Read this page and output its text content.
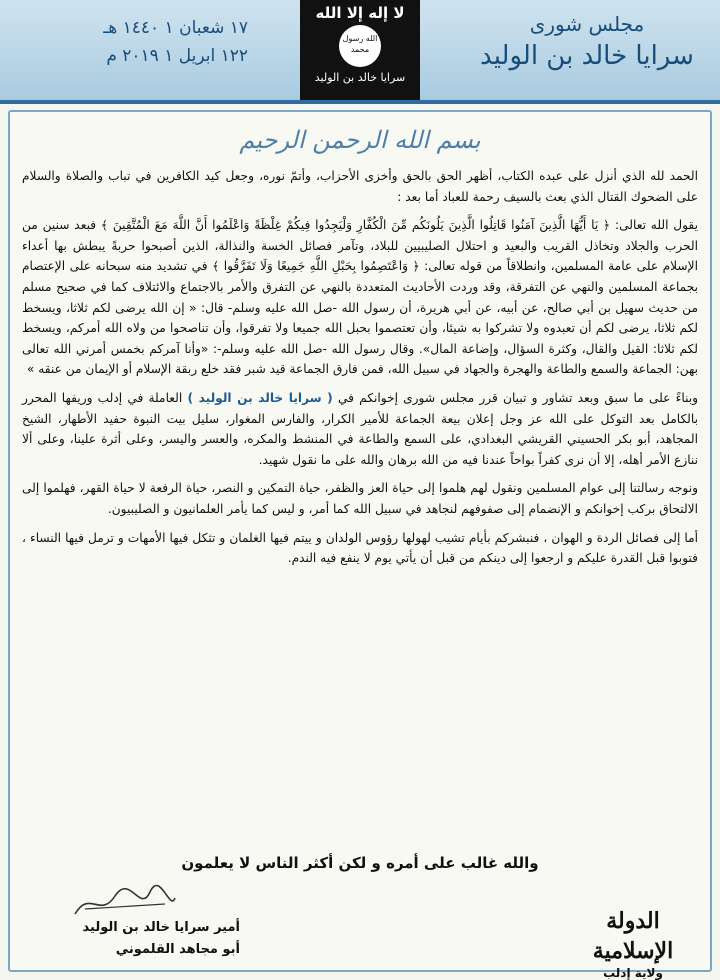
مجلس شورى
سرايا خالد بن الوليد
لا إله إلا الله
الله رسول محمد
سرايا خالد بن الوليد
١٧ شعبان ١ ١٤٤٠ هـ
١٢٢ ابريل ١ ٢٠١٩ م
بسم الله الرحمن الرحيم

الحمد لله الذي أنزل على عبده الكتاب، أظهر الحق بالحق وأخزى الأحزاب، وأتمّ نوره، وجعل كيد الكافرين في تباب والصلاة والسلام على الضحوك القتال الذي بعث بالسيف رحمة للعباد أما بعد :

يقول الله تعالى: ﴿ يَا أَيُّهَا الَّذِينَ آمَنُوا قَاتِلُوا الَّذِينَ يَلُونَكُم مِّنَ الْكُفَّارِ وَلْيَجِدُوا فِيكُمْ غِلْظَةً وَاعْلَمُوا أَنَّ اللَّهَ مَعَ الْمُتَّقِينَ ﴾ فبعد سنين من الحرب والجلاد وتخاذل القريب والبعيد و احتلال الصليبيين للبلاد، وتآمر فصائل الخسة والنذالة، الذين أصبحوا حربةً يبطش بها أعداء الإسلام على عامة المسلمين، وانطلاقاً من قوله تعالى: ﴿ وَاعْتَصِمُوا بِحَبْلِ اللَّهِ جَمِيعًا وَلَا تَفَرَّقُوا ﴾ في تشديد منه سبحانه على الإعتصام بجماعة المسلمين والنهي عن التفرقة، وقد وردت الأحاديث المتعددة بالنهي عن التفرق والأمر بالاجتماع والائتلاف كما في صحيح مسلم من حديث سهيل بن أبي صالح، عن أبيه، عن أبي هريرة، أن رسول الله -صل الله عليه وسلم- قال: « إن الله يرضى لكم ثلاثا، ويسخط لكم ثلاثا، يرضى لكم أن تعبدوه ولا تشركوا به شيئا، وأن تعتصموا بحبل الله جميعا ولا تفرقوا، وأن تناصحوا من ولاه الله أمركم، ويسخط لكم ثلاثا: القيل والقال، وكثرة السؤال، وإضاعة المال». وقال رسول الله -صل الله عليه وسلم-: «وأنا آمركم بخمس أمرني الله تعالى بهن: الجماعة والسمع والطاعة والهجرة والجهاد في سبيل الله، فمن فارق الجماعة قيد شبر فقد خلع ربقة الإسلام أو الإيمان من عنقه »

وبناءً على ما سبق وبعد تشاور و تبيان قرر مجلس شورى إخوانكم في ( سرايا خالد بن الوليد ) العاملة في إدلب وريفها المحرر بالكامل بعد التوكل على الله عز وجل إعلان بيعة الجماعة للأمير الكرار، والفارس المغوار، سليل بيت النبوة حفيد الأطهار، الشيخ المجاهد، أبو بكر الحسيني القريشي البغدادي، على السمع والطاعة في المنشط والمكره، والعسر واليسر، وعلى أثرة علينا، وعلى ألا ننازع الأمر أهله، إلا أن نرى كفراً بواحاً عندنا فيه من الله برهان والله على ما نقول شهيد.

ونوجه رسالتنا إلى عوام المسلمين ونقول لهم هلموا إلى حياة العز والظفر، حياة التمكين و النصر، حياة الرفعة لا حياة القهر، فهلموا إلى الالتحاق بركب إخوانكم و الإنضمام إلى صفوفهم لنجاهد في سبيل الله كما أمر، و ليس كما يأمر العلمانيون و الصليبيون.

أما إلى فصائل الردة و الهوان ، فنبشركم بأيام تشيب لهولها رؤوس الولدان و ييتم فيها الغلمان و تثكل فيها الأمهات و ترمل فيها النساء ، فتوبوا قبل القدرة عليكم و ارجعوا إلى دينكم من قبل أن يأتي يوم لا ينفع فيه الندم.

والله غالب على أمره و لكن أكثر الناس لا يعلمون
أمير سرايا خالد بن الوليد
أبو مجاهد القلموني
الدولة الإسلامية
ولاية إدلب
